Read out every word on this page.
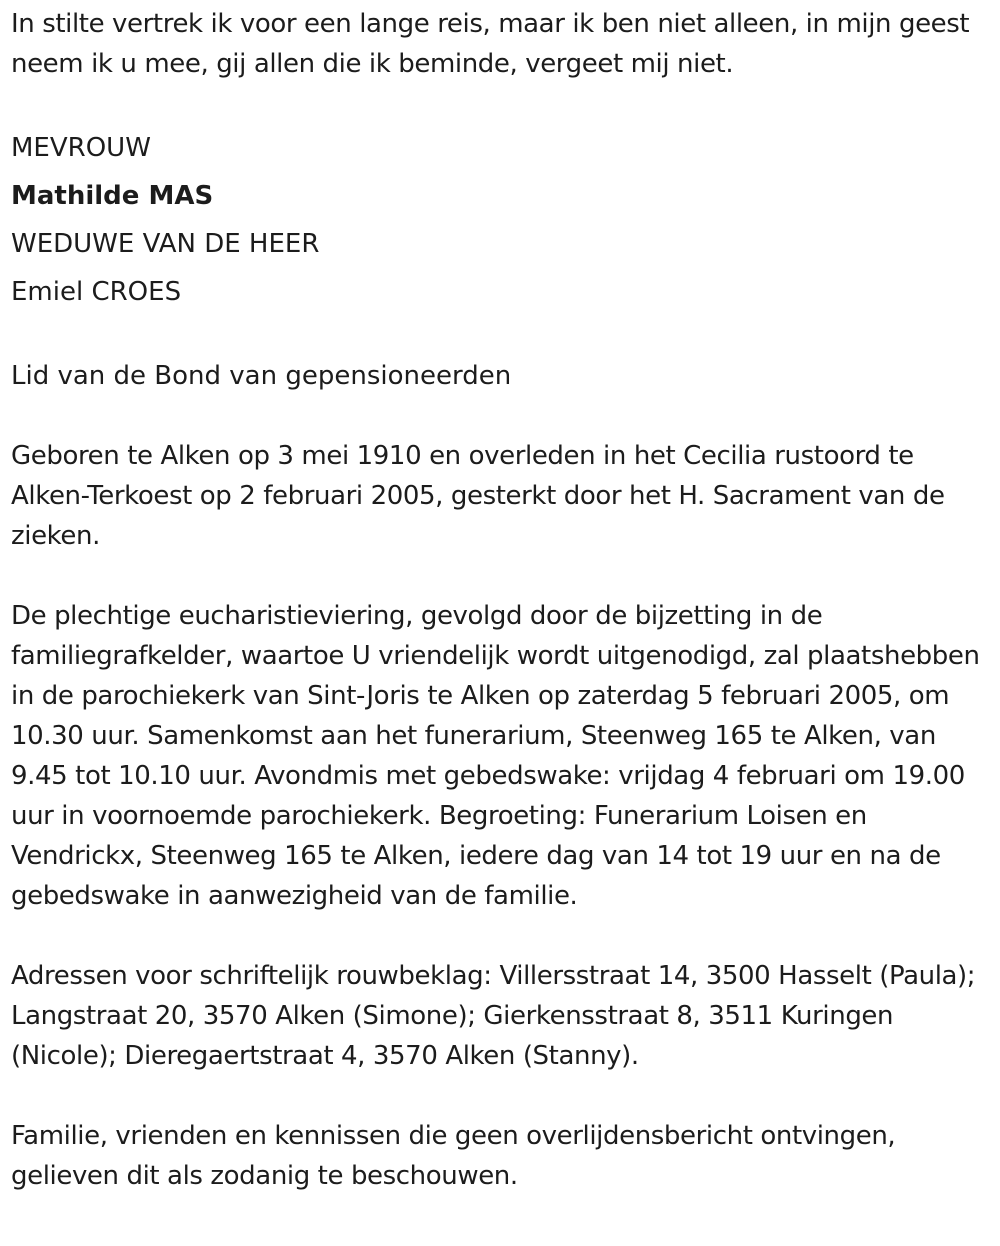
In stilte vertrek ik voor een lange reis, maar ik ben niet alleen, in mijn geest neem ik u mee, gij allen die ik beminde, vergeet mij niet.

MEVROUW

Mathilde MAS

WEDUWE VAN DE HEER

Emiel CROES

Lid van de Bond van gepensioneerden

Geboren te Alken op 3 mei 1910 en overleden in het Cecilia rustoord te Alken-Terkoest op 2 februari 2005, gesterkt door het H. Sacrament van de zieken.

De plechtige eucharistieviering, gevolgd door de bijzetting in de familiegrafkelder, waartoe U vriendelijk wordt uitgenodigd, zal plaatshebben in de parochiekerk van Sint-Joris te Alken op zaterdag 5 februari 2005, om 10.30 uur. Samenkomst aan het funerarium, Steenweg 165 te Alken, van 9.45 tot 10.10 uur. Avondmis met gebedswake: vrijdag 4 februari om 19.00 uur in voornoemde parochiekerk. Begroeting: Funerarium Loisen en Vendrickx, Steenweg 165 te Alken, iedere dag van 14 tot 19 uur en na de gebedswake in aanwezigheid van de familie.

Adressen voor schriftelijk rouwbeklag: Villersstraat 14, 3500 Hasselt (Paula); Langstraat 20, 3570 Alken (Simone); Gierkensstraat 8, 3511 Kuringen (Nicole); Dieregaertstraat 4, 3570 Alken (Stanny).

Familie, vrienden en kennissen die geen overlijdensbericht ontvingen, gelieven dit als zodanig te beschouwen.
